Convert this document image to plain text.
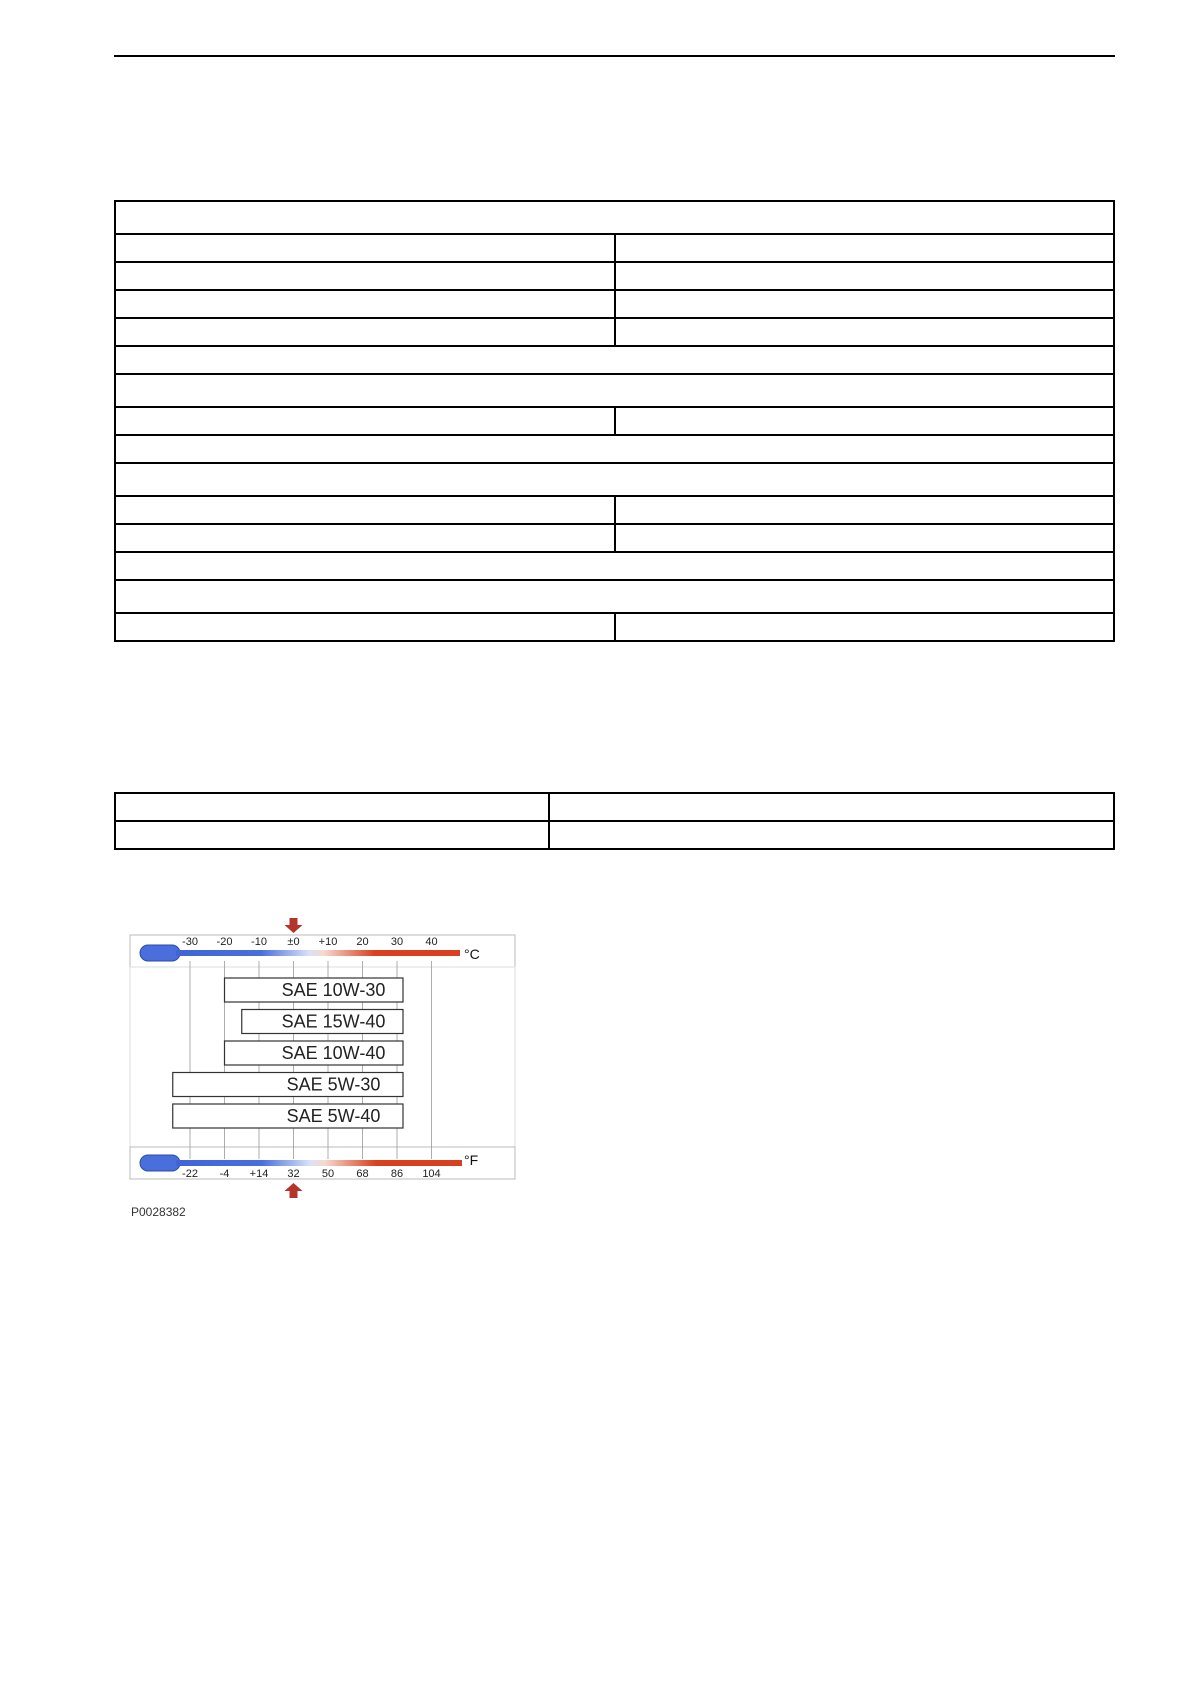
°C
°F
-30 -20 -10 ±0 +10 20 30 40
-22 -4 +14 32 50 68 86 104
SAE 10W-30
SAE 15W-40
SAE 10W-40
SAE 5W-30
SAE 5W-40
P0028382
